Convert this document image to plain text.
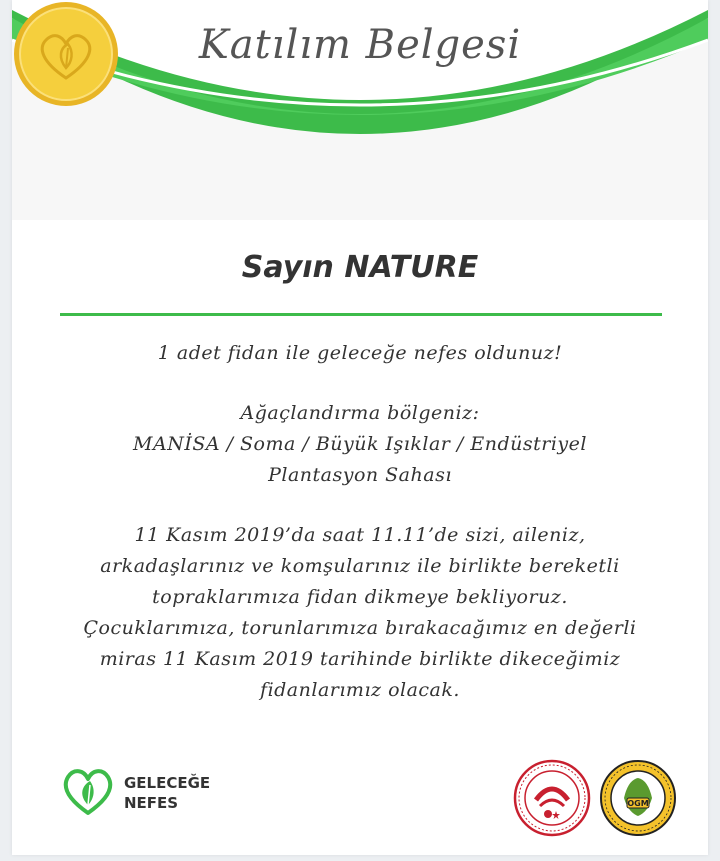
Katılım Belgesi
Sayın NATURE
1 adet fidan ile geleceğe nefes oldunuz!
Ağaçlandırma bölgeniz:
MANİSA / Soma / Büyük Işıklar / Endüstriyel
Plantasyon Sahası
11 Kasım 2019’da saat 11.11’de sizi, aileniz,
arkadaşlarınız ve komşularınız ile birlikte bereketli
topraklarımıza fidan dikmeye bekliyoruz.
Çocuklarımıza, torunlarımıza bırakacağımız en değerli
miras 11 Kasım 2019 tarihinde birlikte dikeceğimiz
fidanlarımız olacak.
GELECEĞE
NEFES	OGM
